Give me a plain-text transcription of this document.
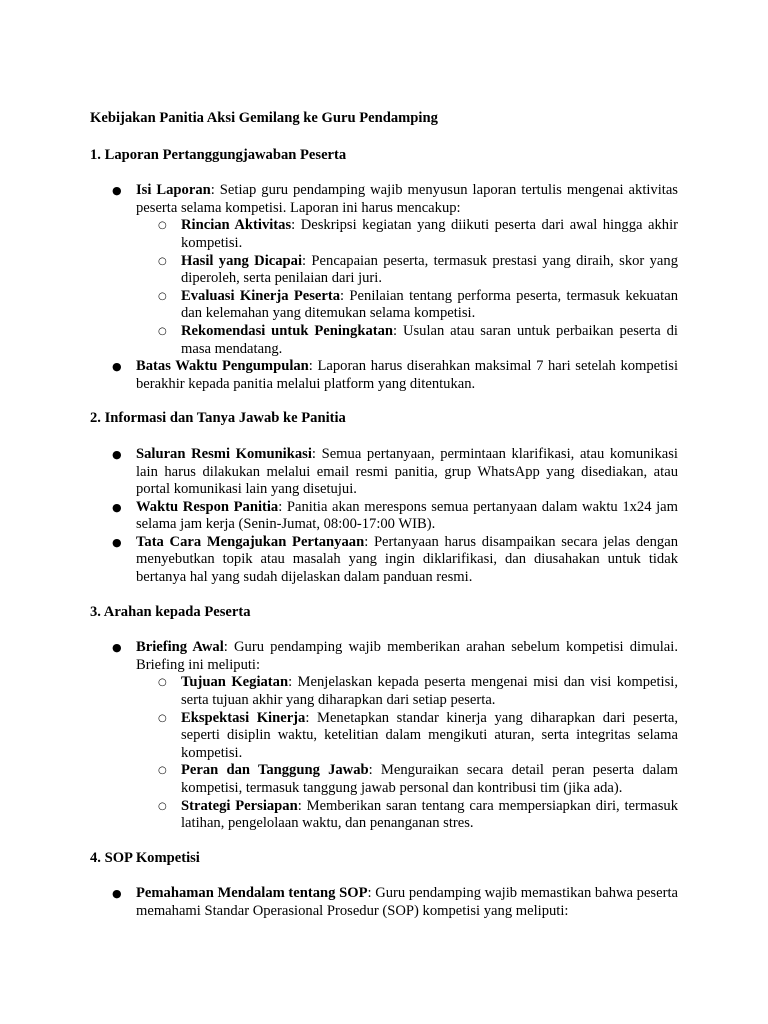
Kebijakan Panitia Aksi Gemilang ke Guru Pendamping
1. Laporan Pertanggungjawaban Peserta
● Isi Laporan: Setiap guru pendamping wajib menyusun laporan tertulis mengenai aktivitas peserta selama kompetisi. Laporan ini harus mencakup:
○ Rincian Aktivitas: Deskripsi kegiatan yang diikuti peserta dari awal hingga akhir kompetisi.
○ Hasil yang Dicapai: Pencapaian peserta, termasuk prestasi yang diraih, skor yang diperoleh, serta penilaian dari juri.
○ Evaluasi Kinerja Peserta: Penilaian tentang performa peserta, termasuk kekuatan dan kelemahan yang ditemukan selama kompetisi.
○ Rekomendasi untuk Peningkatan: Usulan atau saran untuk perbaikan peserta di masa mendatang.
● Batas Waktu Pengumpulan: Laporan harus diserahkan maksimal 7 hari setelah kompetisi berakhir kepada panitia melalui platform yang ditentukan.
2. Informasi dan Tanya Jawab ke Panitia
● Saluran Resmi Komunikasi: Semua pertanyaan, permintaan klarifikasi, atau komunikasi lain harus dilakukan melalui email resmi panitia, grup WhatsApp yang disediakan, atau portal komunikasi lain yang disetujui.
● Waktu Respon Panitia: Panitia akan merespons semua pertanyaan dalam waktu 1x24 jam selama jam kerja (Senin-Jumat, 08:00-17:00 WIB).
● Tata Cara Mengajukan Pertanyaan: Pertanyaan harus disampaikan secara jelas dengan menyebutkan topik atau masalah yang ingin diklarifikasi, dan diusahakan untuk tidak bertanya hal yang sudah dijelaskan dalam panduan resmi.
3. Arahan kepada Peserta
● Briefing Awal: Guru pendamping wajib memberikan arahan sebelum kompetisi dimulai. Briefing ini meliputi:
○ Tujuan Kegiatan: Menjelaskan kepada peserta mengenai misi dan visi kompetisi, serta tujuan akhir yang diharapkan dari setiap peserta.
○ Ekspektasi Kinerja: Menetapkan standar kinerja yang diharapkan dari peserta, seperti disiplin waktu, ketelitian dalam mengikuti aturan, serta integritas selama kompetisi.
○ Peran dan Tanggung Jawab: Menguraikan secara detail peran peserta dalam kompetisi, termasuk tanggung jawab personal dan kontribusi tim (jika ada).
○ Strategi Persiapan: Memberikan saran tentang cara mempersiapkan diri, termasuk latihan, pengelolaan waktu, dan penanganan stres.
4. SOP Kompetisi
● Pemahaman Mendalam tentang SOP: Guru pendamping wajib memastikan bahwa peserta memahami Standar Operasional Prosedur (SOP) kompetisi yang meliputi:
